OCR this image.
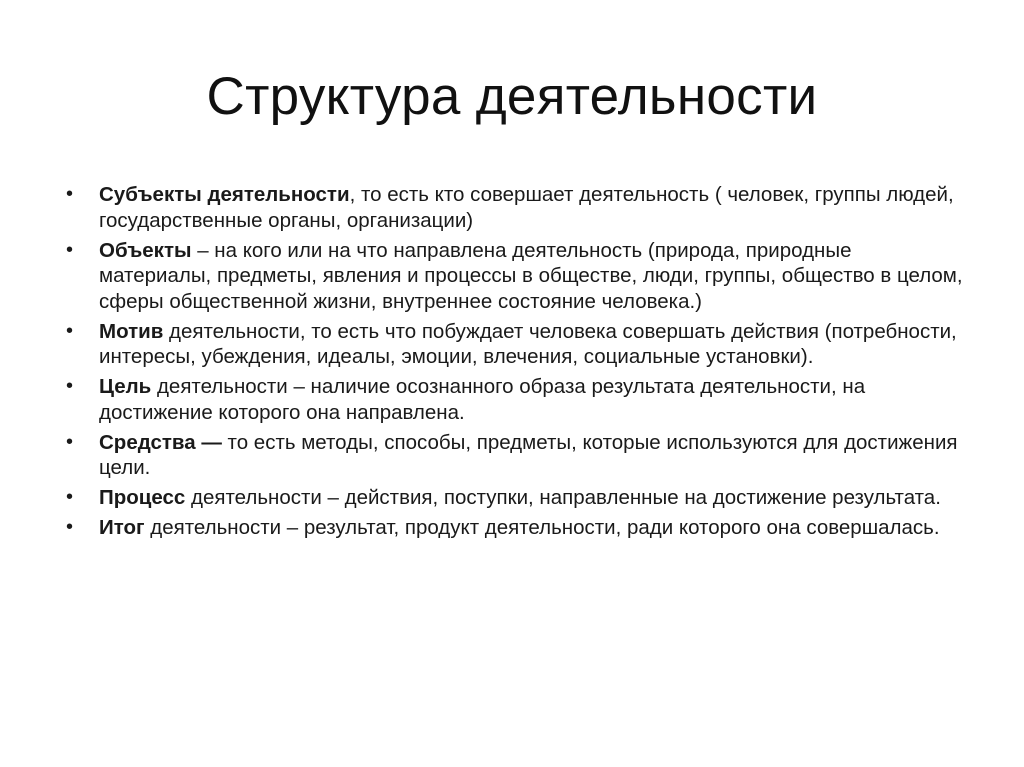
Структура деятельности
• Субъекты деятельности, то есть кто совершает деятельность ( человек, группы людей, государственные органы, организации)
• Объекты – на кого или на что направлена деятельность (природа, природные материалы, предметы, явления и процессы в обществе, люди, группы, общество в целом, сферы общественной жизни, внутреннее состояние человека.)
• Мотив деятельности, то есть что побуждает человека совершать действия (потребности, интересы, убеждения, идеалы, эмоции, влечения, социальные установки).
• Цель деятельности – наличие осознанного образа результата деятельности, на достижение которого она направлена.
• Средства — то есть методы, способы, предметы, которые используются для достижения цели.
• Процесс деятельности – действия, поступки, направленные на достижение результата.
• Итог деятельности – результат, продукт деятельности, ради которого она совершалась.
